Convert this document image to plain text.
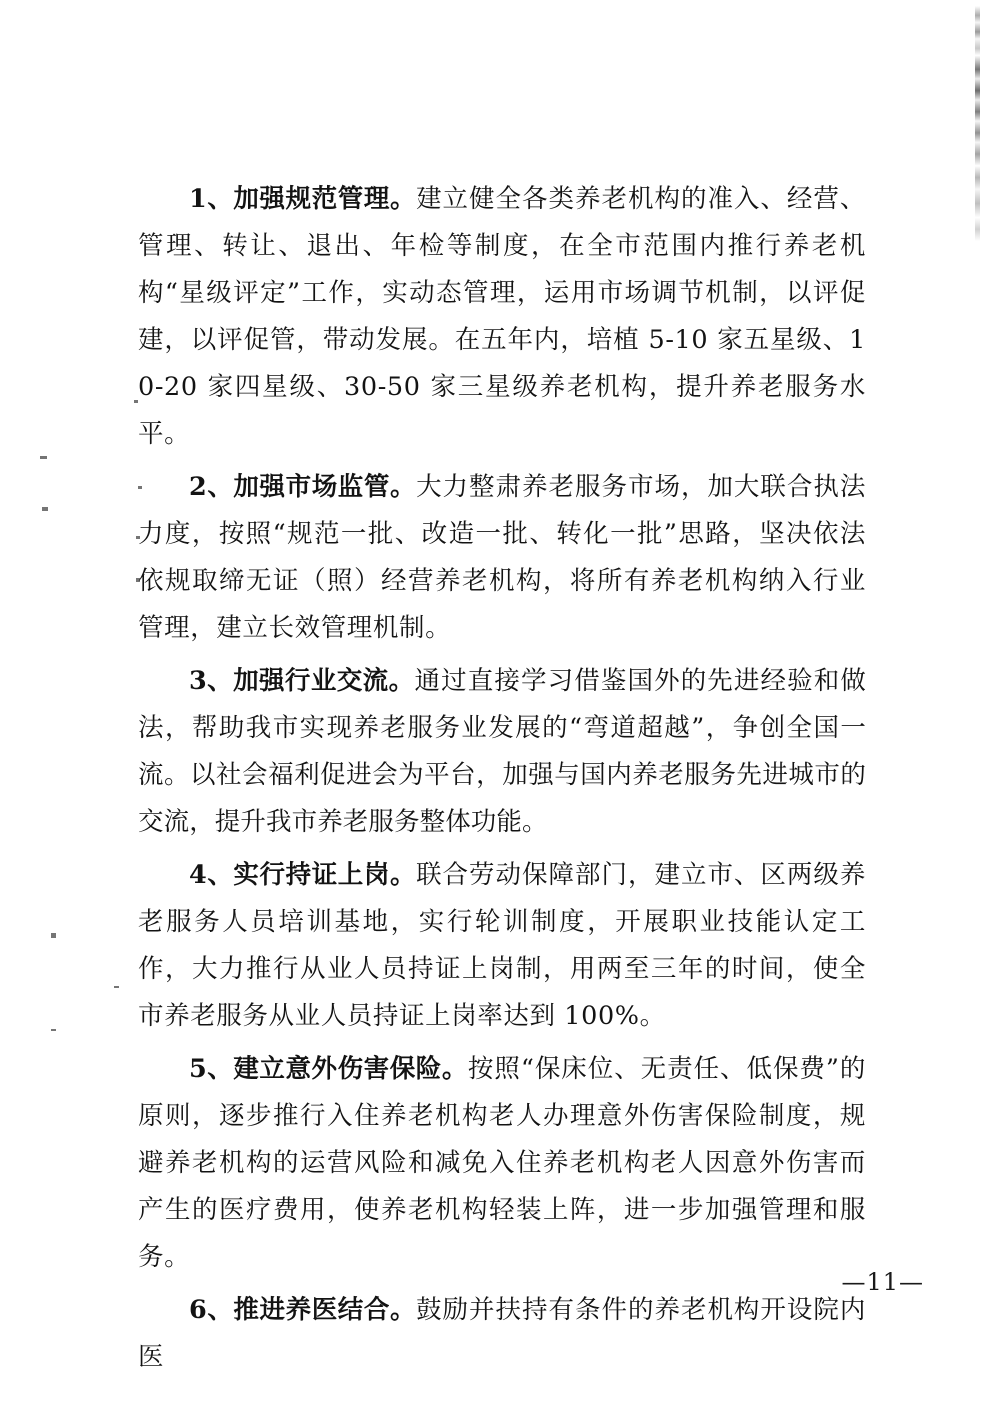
1、加强规范管理。建立健全各类养老机构的准入、经营、管理、转让、退出、年检等制度，在全市范围内推行养老机构“星级评定”工作，实动态管理，运用市场调节机制，以评促建，以评促管，带动发展。在五年内，培植 5-10 家五星级、10-20 家四星级、30-50 家三星级养老机构，提升养老服务水平。

2、加强市场监管。大力整肃养老服务市场，加大联合执法力度，按照“规范一批、改造一批、转化一批”思路，坚决依法依规取缔无证（照）经营养老机构，将所有养老机构纳入行业管理，建立长效管理机制。

3、加强行业交流。通过直接学习借鉴国外的先进经验和做法，帮助我市实现养老服务业发展的“弯道超越”，争创全国一流。以社会福利促进会为平台，加强与国内养老服务先进城市的交流，提升我市养老服务整体功能。

4、实行持证上岗。联合劳动保障部门，建立市、区两级养老服务人员培训基地，实行轮训制度，开展职业技能认定工作，大力推行从业人员持证上岗制，用两至三年的时间，使全市养老服务从业人员持证上岗率达到 100%。

5、建立意外伤害保险。按照“保床位、无责任、低保费”的原则，逐步推行入住养老机构老人办理意外伤害保险制度，规避养老机构的运营风险和减免入住养老机构老人因意外伤害而产生的医疗费用，使养老机构轻装上阵，进一步加强管理和服务。

6、推进养医结合。鼓励并扶持有条件的养老机构开设院内医

—11—
